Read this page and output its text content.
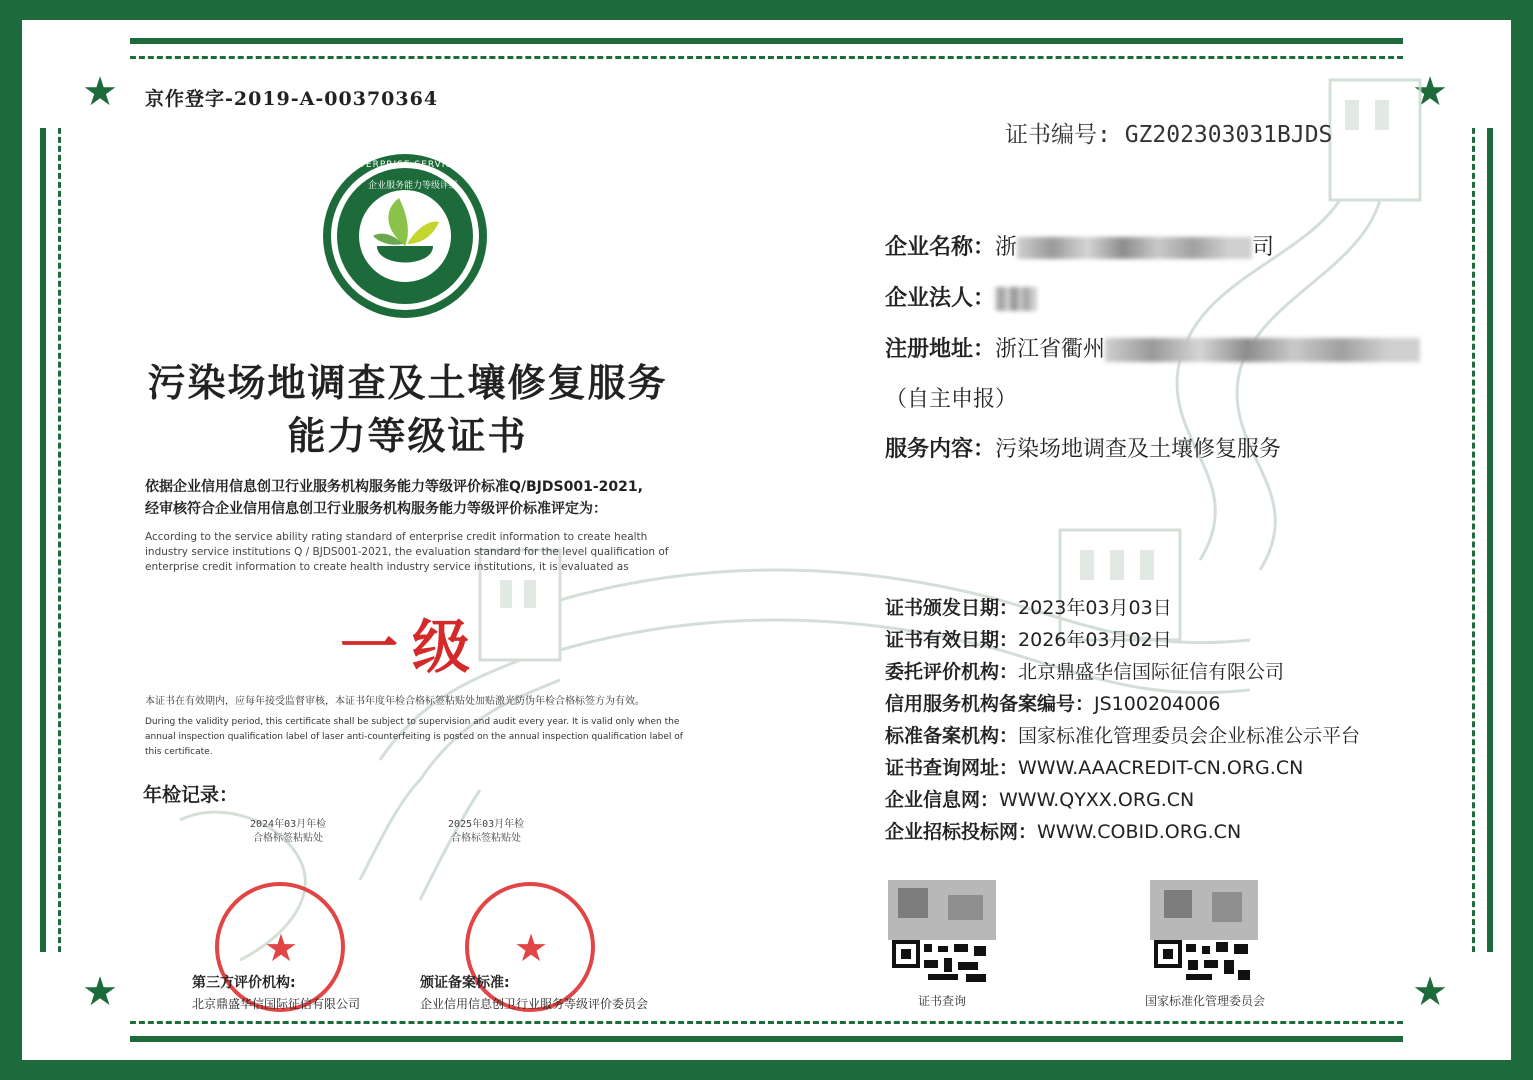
★	★
★	★
京作登字-2019-A-00370364
证书编号: GZ202303031BJDS
ENTERPRISE SERVICE CAPABILITY RATING
企业服务能力等级评级
污染场地调查及土壤修复服务
能力等级证书
依据企业信用信息创卫行业服务机构服务能力等级评价标准Q/BJDS001-2021,
经审核符合企业信用信息创卫行业服务机构服务能力等级评价标准评定为：
According to the service ability rating standard of enterprise credit information to create health industry service institutions Q / BJDS001-2021, the evaluation standard for the level qualification of enterprise credit information to create health industry service institutions, it is evaluated as
一级
本证书在有效期内，应每年接受监督审核，本证书年度年检合格标签粘贴处加贴激光防伪年检合格标签方为有效。
During the validity period, this certificate shall be subject to supervision and audit every year. It is valid only when the annual inspection qualification label of laser anti-counterfeiting is posted on the annual inspection qualification label of this certificate.
年检记录：
2024年03月年检
合格标签粘贴处
2025年03月年检
合格标签粘贴处
★	★
第三方评价机构:
北京鼎盛华信国际征信有限公司
颁证备案标准:
企业信用信息创卫行业服务等级评价委员会
企业名称：浙	司
企业法人：
注册地址：浙江省衢州
（自主申报）
服务内容：污染场地调查及土壤修复服务
证书颁发日期：2023年03月03日
证书有效日期：2026年03月02日
委托评价机构：北京鼎盛华信国际征信有限公司
信用服务机构备案编号：JS100204006
标准备案机构：国家标准化管理委员会企业标准公示平台
证书查询网址：WWW.AAACREDIT-CN.ORG.CN
企业信息网：WWW.QYXX.ORG.CN
企业招标投标网：WWW.COBID.ORG.CN
证书查询	国家标准化管理委员会
